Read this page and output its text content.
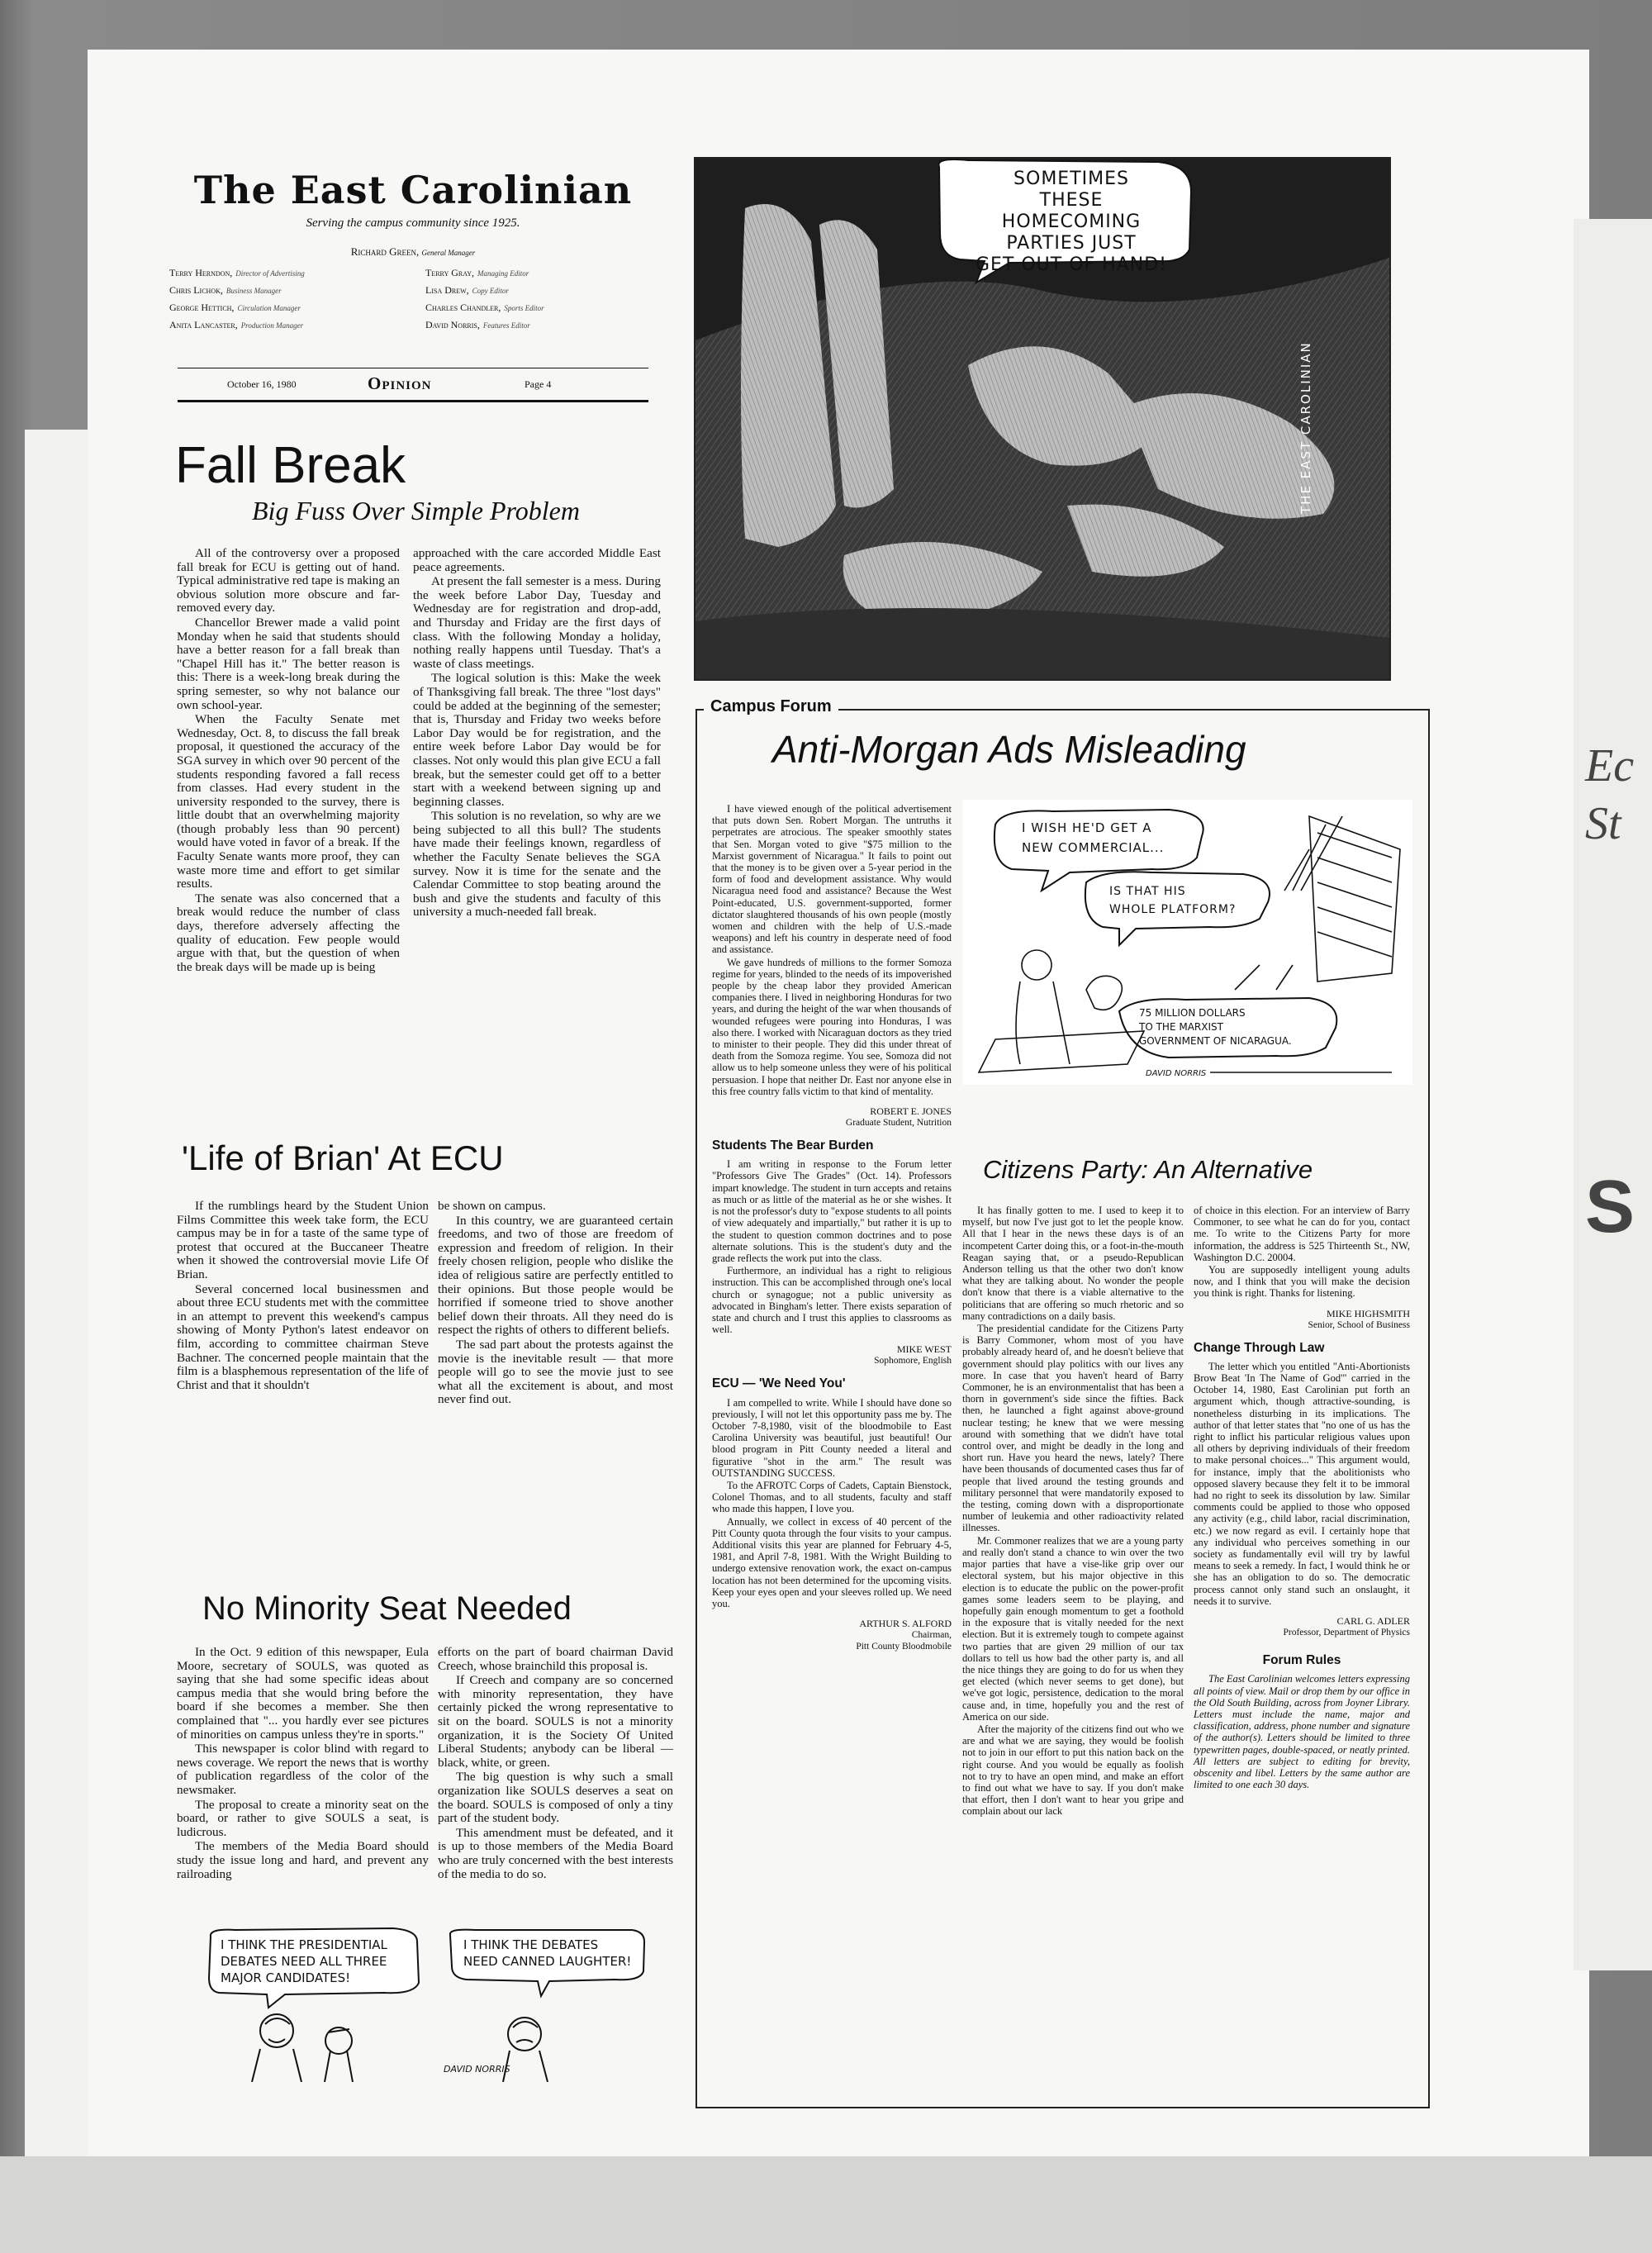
Ec
St
S
The East Carolinian
Serving the campus community since 1925.
Richard Green, General Manager
Terry Herndon, Director of Advertising	Terry Gray, Managing Editor
Chris Lichok, Business Manager	Lisa Drew, Copy Editor
George Hettich, Circulation Manager	Charles Chandler, Sports Editor
Anita Lancaster, Production Manager	David Norris, Features Editor
October 16, 1980	Opinion	Page 4
Fall Break
Big Fuss Over Simple Problem

All of the controversy over a proposed fall break for ECU is getting out of hand. Typical administrative red tape is making an obvious solution more obscure and far-removed every day.

Chancellor Brewer made a valid point Monday when he said that students should have a better reason for a fall break than "Chapel Hill has it." The better reason is this: There is a week-long break during the spring semester, so why not balance our own school-year.

When the Faculty Senate met Wednesday, Oct. 8, to discuss the fall break proposal, it questioned the accuracy of the SGA survey in which over 90 percent of the students responding favored a fall recess from classes. Had every student in the university responded to the survey, there is little doubt that an overwhelming majority (though probably less than 90 percent) would have voted in favor of a break. If the Faculty Senate wants more proof, they can waste more time and effort to get similar results.

The senate was also concerned that a break would reduce the number of class days, therefore adversely affecting the quality of education. Few people would argue with that, but the question of when the break days will be made up is being

approached with the care accorded Middle East peace agreements.

At present the fall semester is a mess. During the week before Labor Day, Tuesday and Wednesday are for registration and drop-add, and Thursday and Friday are the first days of class. With the following Monday a holiday, nothing really happens until Tuesday. That's a waste of class meetings.

The logical solution is this: Make the week of Thanksgiving fall break. The three "lost days" could be added at the beginning of the semester; that is, Thursday and Friday two weeks before Labor Day would be for registration, and the entire week before Labor Day would be for classes. Not only would this plan give ECU a fall break, but the semester could get off to a better start with a weekend between signing up and beginning classes.

This solution is no revelation, so why are we being subjected to all this bull? The students have made their feelings known, regardless of whether the Faculty Senate believes the SGA survey. Now it is time for the senate and the Calendar Committee to stop beating around the bush and give the students and faculty of this university a much-needed fall break.

'Life of Brian' At ECU

If the rumblings heard by the Student Union Films Committee this week take form, the ECU campus may be in for a taste of the same type of protest that occured at the Buccaneer Theatre when it showed the controversial movie Life Of Brian.

Several concerned local businessmen and about three ECU students met with the committee in an attempt to prevent this weekend's campus showing of Monty Python's latest endeavor on film, according to committee chairman Steve Bachner. The concerned people maintain that the film is a blasphemous representation of the life of Christ and that it shouldn't

be shown on campus.

In this country, we are guaranteed certain freedoms, and two of those are freedom of expression and freedom of religion. In their freely chosen religion, people who dislike the idea of religious satire are perfectly entitled to their opinions. But those people would be horrified if someone tried to shove another belief down their throats. All they need do is respect the rights of others to different beliefs.

The sad part about the protests against the movie is the inevitable result — that more people will go to see the movie just to see what all the excitement is about, and most never find out.

No Minority Seat Needed

In the Oct. 9 edition of this newspaper, Eula Moore, secretary of SOULS, was quoted as saying that she had some specific ideas about campus media that she would bring before the board if she becomes a member. She then complained that "... you hardly ever see pictures of minorities on campus unless they're in sports."

This newspaper is color blind with regard to news coverage. We report the news that is worthy of publication regardless of the color of the newsmaker.

The proposal to create a minority seat on the board, or rather to give SOULS a seat, is ludicrous.

The members of the Media Board should study the issue long and hard, and prevent any railroading

efforts on the part of board chairman David Creech, whose brainchild this proposal is.

If Creech and company are so concerned with minority representation, they have certainly picked the wrong representative to sit on the board. SOULS is not a minority organization, it is the Society Of United Liberal Students; anybody can be liberal — black, white, or green.

The big question is why such a small organization like SOULS deserves a seat on the board. SOULS is composed of only a tiny part of the student body.

This amendment must be defeated, and it is up to those members of the Media Board who are truly concerned with the best interests of the media to do so.

I THINK THE PRESIDENTIAL
DEBATES NEED ALL THREE
MAJOR CANDIDATES!
I THINK THE DEBATES
NEED CANNED LAUGHTER!
DAVID NORRIS
SOMETIMES
THESE HOMECOMING
PARTIES JUST
GET OUT OF HAND!
THE EAST CAROLINIAN
Campus Forum
Anti-Morgan Ads Misleading

I have viewed enough of the political advertisement that puts down Sen. Robert Morgan. The untruths it perpetrates are atrocious. The speaker smoothly states that Sen. Morgan voted to give "$75 million to the Marxist government of Nicaragua." It fails to point out that the money is to be given over a 5-year period in the form of food and development assistance. Why would Nicaragua need food and assistance? Because the West Point-educated, U.S. government-supported, former dictator slaughtered thousands of his own people (mostly women and children with the help of U.S.-made weapons) and left his country in desperate need of food and assistance.

We gave hundreds of millions to the former Somoza regime for years, blinded to the needs of its impoverished people by the cheap labor they provided American companies there. I lived in neighboring Honduras for two years, and during the height of the war when thousands of wounded refugees were pouring into Honduras, I was also there. I worked with Nicaraguan doctors as they tried to minister to their people. They did this under threat of death from the Somoza regime. You see, Somoza did not allow us to help someone unless they were of his political persuasion. I hope that neither Dr. East nor anyone else in this free country falls victim to that kind of mentality.

ROBERT E. JONES
Graduate Student, Nutrition
Students The Bear Burden

I am writing in response to the Forum letter "Professors Give The Grades" (Oct. 14). Professors impart knowledge. The student in turn accepts and retains as much or as little of the material as he or she wishes. It is not the professor's duty to "expose students to all points of view adequately and impartially," but rather it is up to the student to question common doctrines and to pose alternate solutions. This is the student's duty and the grade reflects the work put into the class.

Furthermore, an individual has a right to religious instruction. This can be accomplished through one's local church or synagogue; not a public university as advocated in Bingham's letter. There exists separation of state and church and I trust this applies to classrooms as well.

MIKE WEST
Sophomore, English
ECU — 'We Need You'

I am compelled to write. While I should have done so previously, I will not let this opportunity pass me by. The October 7-8,1980, visit of the bloodmobile to East Carolina University was beautiful, just beautiful! Our blood program in Pitt County needed a literal and figurative "shot in the arm." The result was OUTSTANDING SUCCESS.

To the AFROTC Corps of Cadets, Captain Bienstock, Colonel Thomas, and to all students, faculty and staff who made this happen, I love you.

Annually, we collect in excess of 40 percent of the Pitt County quota through the four visits to your campus. Additional visits this year are planned for February 4-5, 1981, and April 7-8, 1981. With the Wright Building to undergo extensive renovation work, the exact on-campus location has not been determined for the upcoming visits. Keep your eyes open and your sleeves rolled up. We need you.

ARTHUR S. ALFORD
Chairman,
Pitt County Bloodmobile
I WISH HE'D GET A
NEW COMMERCIAL...
IS THAT HIS
WHOLE PLATFORM?
75 MILLION DOLLARS
TO THE MARXIST
GOVERNMENT OF NICARAGUA.
DAVID NORRIS
Citizens Party: An Alternative

It has finally gotten to me. I used to keep it to myself, but now I've just got to let the people know. All that I hear in the news these days is of an incompetent Carter doing this, or a foot-in-the-mouth Reagan saying that, or a pseudo-Republican Anderson telling us that the other two don't know what they are talking about. No wonder the people don't know that there is a viable alternative to the politicians that are offering so much rhetoric and so many contradictions on a daily basis.

The presidential candidate for the Citizens Party is Barry Commoner, whom most of you have probably already heard of, and he doesn't believe that government should play politics with our lives any more. In case that you haven't heard of Barry Commoner, he is an environmentalist that has been a thorn in government's side since the fifties. Back then, he launched a fight against above-ground nuclear testing; he knew that we were messing around with something that we didn't have total control over, and might be deadly in the long and short run. Have you heard the news, lately? There have been thousands of documented cases thus far of people that lived around the testing grounds and military personnel that were mandatorily exposed to the testing, coming down with a disproportionate number of leukemia and other radioactivity related illnesses.

Mr. Commoner realizes that we are a young party and really don't stand a chance to win over the two major parties that have a vise-like grip over our electoral system, but his major objective in this election is to educate the public on the power-profit games some leaders seem to be playing, and hopefully gain enough momentum to get a foothold in the exposure that is vitally needed for the next election. But it is extremely tough to compete against two parties that are given 29 million of our tax dollars to tell us how bad the other party is, and all the nice things they are going to do for us when they get elected (which never seems to get done), but we've got logic, persistence, dedication to the moral cause and, in time, hopefully you and the rest of America on our side.

After the majority of the citizens find out who we are and what we are saying, they would be foolish not to join in our effort to put this nation back on the right course. And you would be equally as foolish not to try to have an open mind, and make an effort to find out what we have to say. If you don't make that effort, then I don't want to hear you gripe and complain about our lack

of choice in this election. For an interview of Barry Commoner, to see what he can do for you, contact me. To write to the Citizens Party for more information, the address is 525 Thirteenth St., NW, Washington D.C. 20004.

You are supposedly intelligent young adults now, and I think that you will make the decision you think is right. Thanks for listening.

MIKE HIGHSMITH
Senior, School of Business
Change Through Law

The letter which you entitled "Anti-Abortionists Brow Beat 'In The Name of God'" carried in the October 14, 1980, East Carolinian put forth an argument which, though attractive-sounding, is nonetheless disturbing in its implications. The author of that letter states that "no one of us has the right to inflict his particular religious values upon all others by depriving individuals of their freedom to make personal choices..." This argument would, for instance, imply that the abolitionists who opposed slavery because they felt it to be immoral had no right to seek its dissolution by law. Similar comments could be applied to those who opposed any activity (e.g., child labor, racial discrimination, etc.) we now regard as evil. I certainly hope that any individual who perceives something in our society as fundamentally evil will try by lawful means to seek a remedy. In fact, I would think he or she has an obligation to do so. The democratic process cannot only stand such an onslaught, it needs it to survive.

CARL G. ADLER
Professor, Department of Physics
Forum Rules

The East Carolinian welcomes letters expressing all points of view. Mail or drop them by our office in the Old South Building, across from Joyner Library. Letters must include the name, major and classification, address, phone number and signature of the author(s). Letters should be limited to three typewritten pages, double-spaced, or neatly printed. All letters are subject to editing for brevity, obscenity and libel. Letters by the same author are limited to one each 30 days.
